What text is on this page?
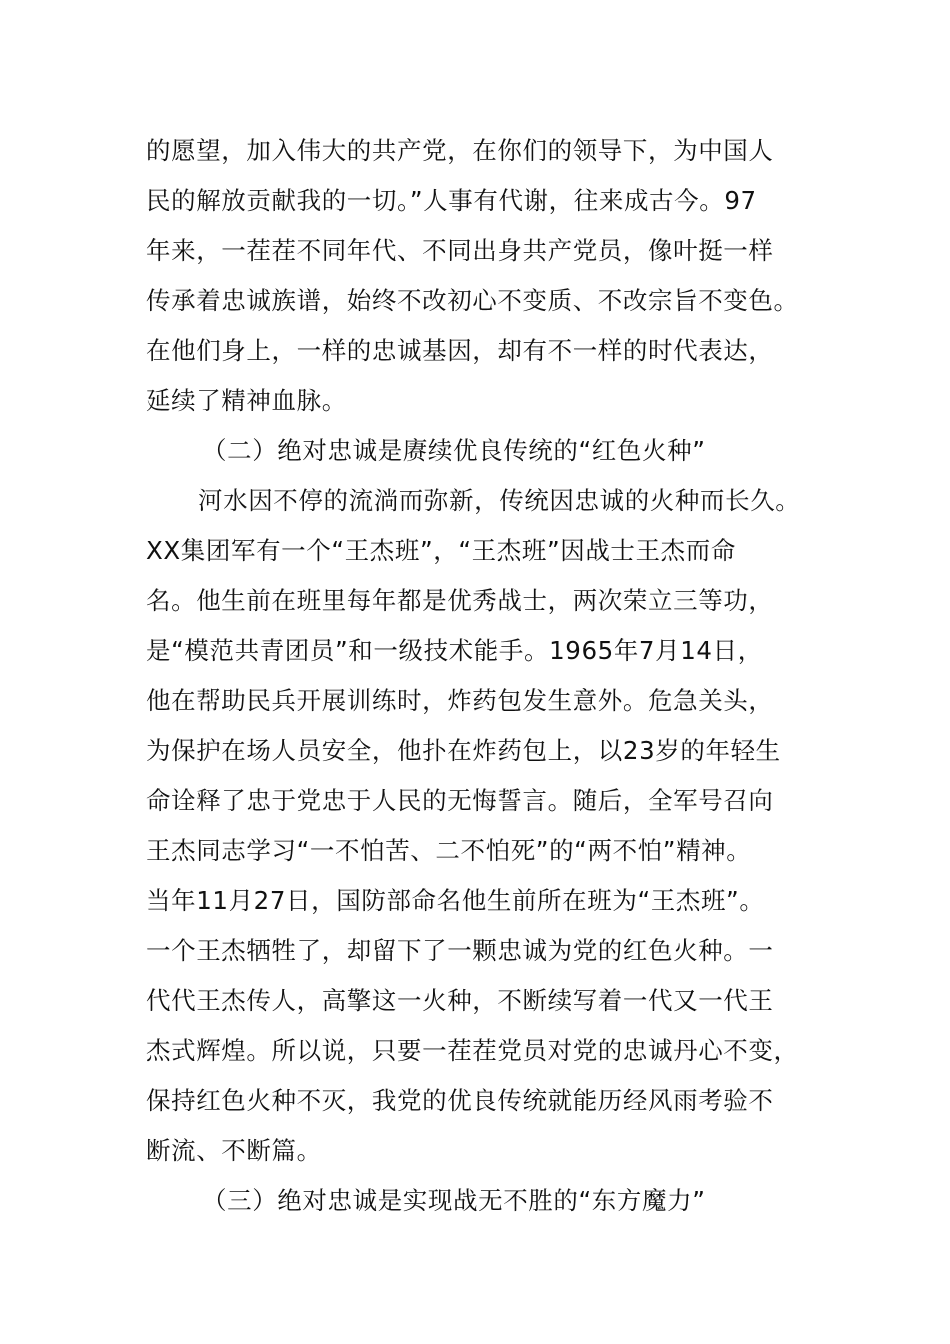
的愿望，加入伟大的共产党，在你们的领导下，为中国人
民的解放贡献我的一切。”人事有代谢，往来成古今。97
年来，一茬茬不同年代、不同出身共产党员，像叶挺一样
传承着忠诚族谱，始终不改初心不变质、不改宗旨不变色。
在他们身上，一样的忠诚基因，却有不一样的时代表达，
延续了精神血脉。
（二）绝对忠诚是赓续优良传统的“红色火种”
河水因不停的流淌而弥新，传统因忠诚的火种而长久。
XX集团军有一个“王杰班”，“王杰班”因战士王杰而命
名。他生前在班里每年都是优秀战士，两次荣立三等功，
是“模范共青团员”和一级技术能手。1965年7月14日，
他在帮助民兵开展训练时，炸药包发生意外。危急关头，
为保护在场人员安全，他扑在炸药包上，以23岁的年轻生
命诠释了忠于党忠于人民的无悔誓言。随后，全军号召向
王杰同志学习“一不怕苦、二不怕死”的“两不怕”精神。
当年11月27日，国防部命名他生前所在班为“王杰班”。
一个王杰牺牲了，却留下了一颗忠诚为党的红色火种。一
代代王杰传人，高擎这一火种，不断续写着一代又一代王
杰式辉煌。所以说，只要一茬茬党员对党的忠诚丹心不变，
保持红色火种不灭，我党的优良传统就能历经风雨考验不
断流、不断篇。
（三）绝对忠诚是实现战无不胜的“东方魔力”
